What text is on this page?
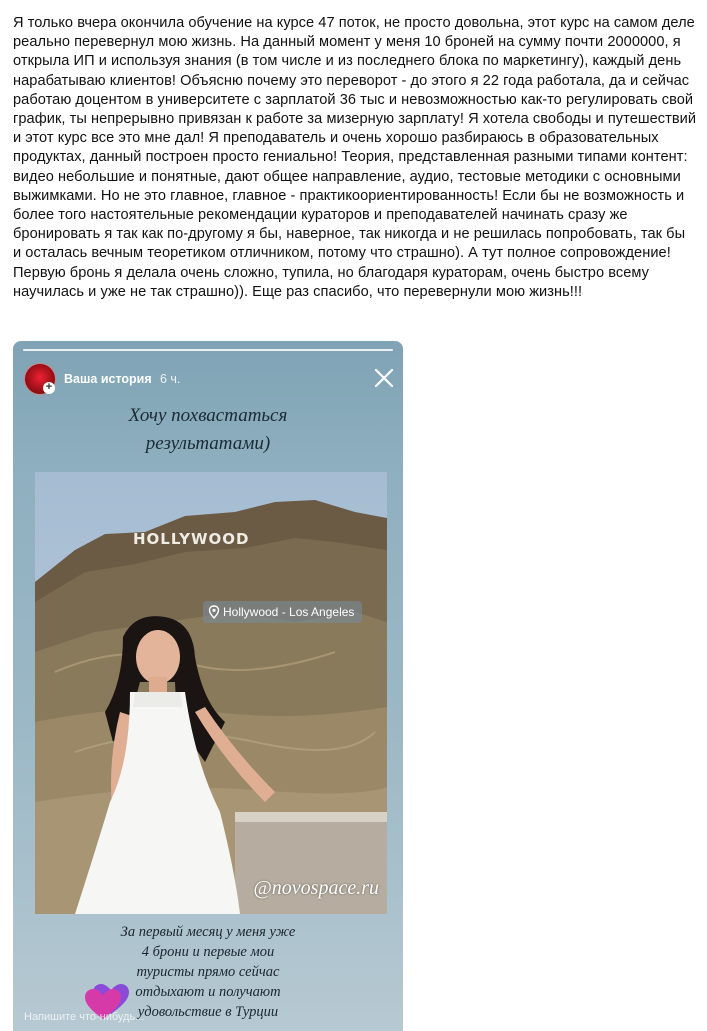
Я только вчера окончила обучение на курсе 47 поток, не просто довольна, этот курс на самом деле реально перевернул мою жизнь. На данный момент у меня 10 броней на сумму почти 2000000, я открыла ИП и используя знания (в том числе и из последнего блока по маркетингу), каждый день нарабатываю клиентов! Объясню почему это переворот - до этого я 22 года работала, да и сейчас работаю доцентом в университете с зарплатой 36 тыс и невозможностью как-то регулировать свой график, ты непрерывно привязан к работе за мизерную зарплату! Я хотела свободы и путешествий и этот курс все это мне дал! Я преподаватель и очень хорошо разбираюсь в образовательных продуктах, данный построен просто гениально! Теория, представленная разными типами контент: видео небольшие и понятные, дают общее направление, аудио, тестовые методики с основными выжимками. Но не это главное, главное - практикоориентированность! Если бы не возможность и более того настоятельные рекомендации кураторов и преподавателей начинать сразу же бронировать я так как по-другому я бы, наверное, так никогда и не решилась попробовать, так бы и осталась вечным теоретиком отличником, потому что страшно). А тут полное сопровождение! Первую бронь я делала очень сложно, тупила, но благодаря кураторам, очень быстро всему научилась и уже не так страшно)). Еще раз спасибо, что перевернули мою жизнь!!!
+
Ваша история 6 ч.
Хочу похвастаться
результатами)
HOLLYWOOD
Hollywood - Los Angeles
@novospace.ru
За первый месяц у меня уже
4 брони и первые мои
туристы прямо сейчас
отдыхают и получают
удовольствие в Турции
Напишите что-нибудь...
